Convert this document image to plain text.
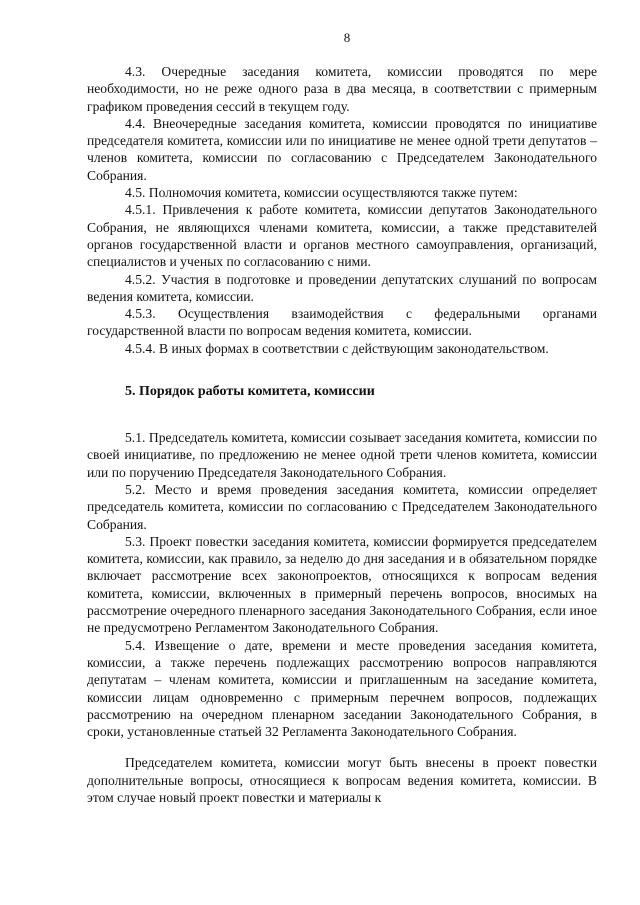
8

4.3. Очередные заседания комитета, комиссии проводятся по мере необходимости, но не реже одного раза в два месяца, в соответствии с примерным графиком проведения сессий в текущем году.

4.4. Внеочередные заседания комитета, комиссии проводятся по инициативе председателя комитета, комиссии или по инициативе не менее одной трети депутатов – членов комитета, комиссии по согласованию с Председателем Законодательного Собрания.

4.5. Полномочия комитета, комиссии осуществляются также путем:

4.5.1. Привлечения к работе комитета, комиссии депутатов Законодательного Собрания, не являющихся членами комитета, комиссии, а также представителей органов государственной власти и органов местного самоуправления, организаций, специалистов и ученых по согласованию с ними.

4.5.2. Участия в подготовке и проведении депутатских слушаний по вопросам ведения комитета, комиссии.

4.5.3. Осуществления взаимодействия с федеральными органами государственной власти по вопросам ведения комитета, комиссии.

4.5.4. В иных формах в соответствии с действующим законодательством.

5. Порядок работы комитета, комиссии

5.1. Председатель комитета, комиссии созывает заседания комитета, комиссии по своей инициативе, по предложению не менее одной трети членов комитета, комиссии или по поручению Председателя Законодательного Собрания.

5.2. Место и время проведения заседания комитета, комиссии определяет председатель комитета, комиссии по согласованию с Председателем Законодательного Собрания.

5.3. Проект повестки заседания комитета, комиссии формируется председателем комитета, комиссии, как правило, за неделю до дня заседания и в обязательном порядке включает рассмотрение всех законопроектов, относящихся к вопросам ведения комитета, комиссии, включенных в примерный перечень вопросов, вносимых на рассмотрение очередного пленарного заседания Законодательного Собрания, если иное не предусмотрено Регламентом Законодательного Собрания.

5.4. Извещение о дате, времени и месте проведения заседания комитета, комиссии, а также перечень подлежащих рассмотрению вопросов направляются депутатам – членам комитета, комиссии и приглашенным на заседание комитета, комиссии лицам одновременно с примерным перечнем вопросов, подлежащих рассмотрению на очередном пленарном заседании Законодательного Собрания, в сроки, установленные статьей 32 Регламента Законодательного Собрания.

Председателем комитета, комиссии могут быть внесены в проект повестки дополнительные вопросы, относящиеся к вопросам ведения комитета, комиссии. В этом случае новый проект повестки и материалы к
